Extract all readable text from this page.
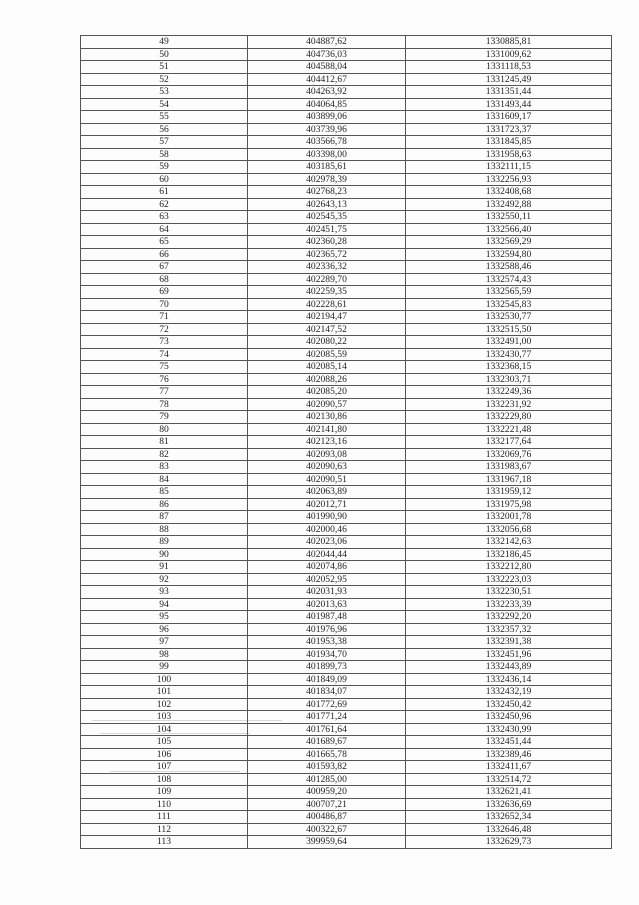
49	404887,62	1330885,81
50	404736,03	1331009,62
51	404588,04	1331118,53
52	404412,67	1331245,49
53	404263,92	1331351,44
54	404064,85	1331493,44
55	403899,06	1331609,17
56	403739,96	1331723,37
57	403566,78	1331845,85
58	403398,00	1331958,63
59	403185,61	1332111,15
60	402978,39	1332256,93
61	402768,23	1332408,68
62	402643,13	1332492,88
63	402545,35	1332550,11
64	402451,75	1332566,40
65	402360,28	1332569,29
66	402365,72	1332594,80
67	402336,32	1332588,46
68	402289,70	1332574,43
69	402259,35	1332565,59
70	402228,61	1332545,83
71	402194,47	1332530,77
72	402147,52	1332515,50
73	402080,22	1332491,00
74	402085,59	1332430,77
75	402085,14	1332368,15
76	402088,26	1332303,71
77	402085,20	1332249,36
78	402090,57	1332231,92
79	402130,86	1332229,80
80	402141,80	1332221,48
81	402123,16	1332177,64
82	402093,08	1332069,76
83	402090,63	1331983,67
84	402090,51	1331967,18
85	402063,89	1331959,12
86	402012,71	1331975,98
87	401990,90	1332001,78
88	402000,46	1332056,68
89	402023,06	1332142,63
90	402044,44	1332186,45
91	402074,86	1332212,80
92	402052,95	1332223,03
93	402031,93	1332230,51
94	402013,63	1332233,39
95	401987,48	1332292,20
96	401976,96	1332357,32
97	401953,38	1332391,38
98	401934,70	1332451,96
99	401899,73	1332443,89
100	401849,09	1332436,14
101	401834,07	1332432,19
102	401772,69	1332450,42
103	401771,24	1332450,96
104	401761,64	1332430,99
105	401689,67	1332451,44
106	401665,78	1332389,46
107	401593,82	1332411,67
108	401285,00	1332514,72
109	400959,20	1332621,41
110	400707,21	1332636,69
111	400486,87	1332652,34
112	400322,67	1332646,48
113	399959,64	1332629,73
